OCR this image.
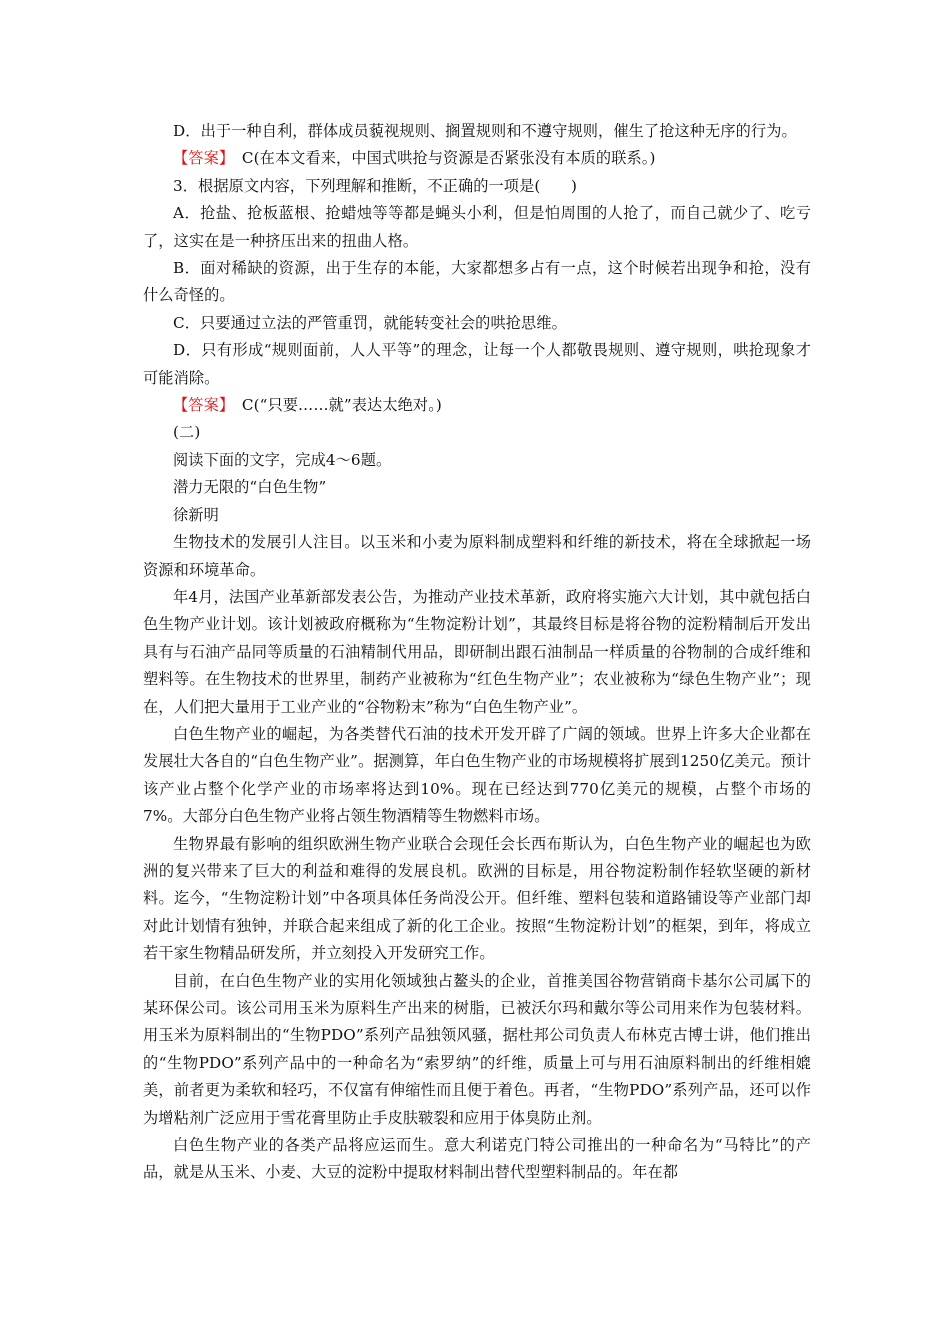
D．出于一种自利，群体成员藐视规则、搁置规则和不遵守规则，催生了抢这种无序的行为。

【答案】　C(在本文看来，中国式哄抢与资源是否紧张没有本质的联系。)

3．根据原文内容，下列理解和推断，不正确的一项是(　　)

A．抢盐、抢板蓝根、抢蜡烛等等都是蝇头小利，但是怕周围的人抢了，而自己就少了、吃亏了，这实在是一种挤压出来的扭曲人格。

B．面对稀缺的资源，出于生存的本能，大家都想多占有一点，这个时候若出现争和抢，没有什么奇怪的。

C．只要通过立法的严管重罚，就能转变社会的哄抢思维。

D．只有形成“规则面前，人人平等”的理念，让每一个人都敬畏规则、遵守规则，哄抢现象才可能消除。

【答案】　C(“只要……就”表达太绝对。)

(二)

阅读下面的文字，完成4～6题。

潜力无限的“白色生物”

徐新明

生物技术的发展引人注目。以玉米和小麦为原料制成塑料和纤维的新技术，将在全球掀起一场资源和环境革命。

年4月，法国产业革新部发表公告，为推动产业技术革新，政府将实施六大计划，其中就包括白色生物产业计划。该计划被政府概称为“生物淀粉计划”，其最终目标是将谷物的淀粉精制后开发出具有与石油产品同等质量的石油精制代用品，即研制出跟石油制品一样质量的谷物制的合成纤维和塑料等。在生物技术的世界里，制药产业被称为“红色生物产业”；农业被称为“绿色生物产业”；现在，人们把大量用于工业产业的“谷物粉末”称为“白色生物产业”。

白色生物产业的崛起，为各类替代石油的技术开发开辟了广阔的领域。世界上许多大企业都在发展壮大各自的“白色生物产业”。据测算，年白色生物产业的市场规模将扩展到1250亿美元。预计该产业占整个化学产业的市场率将达到10%。现在已经达到770亿美元的规模，占整个市场的7%。大部分白色生物产业将占领生物酒精等生物燃料市场。

生物界最有影响的组织欧洲生物产业联合会现任会长西布斯认为，白色生物产业的崛起也为欧洲的复兴带来了巨大的利益和难得的发展良机。欧洲的目标是，用谷物淀粉制作轻软坚硬的新材料。迄今，“生物淀粉计划”中各项具体任务尚没公开。但纤维、塑料包装和道路铺设等产业部门却对此计划情有独钟，并联合起来组成了新的化工企业。按照“生物淀粉计划”的框架，到年，将成立若干家生物精品研发所，并立刻投入开发研究工作。

目前，在白色生物产业的实用化领域独占鳌头的企业，首推美国谷物营销商卡基尔公司属下的某环保公司。该公司用玉米为原料生产出来的树脂，已被沃尔玛和戴尔等公司用来作为包装材料。用玉米为原料制出的“生物PDO”系列产品独领风骚，据杜邦公司负责人布林克古博士讲，他们推出的“生物PDO”系列产品中的一种命名为“索罗纳”的纤维，质量上可与用石油原料制出的纤维相媲美，前者更为柔软和轻巧，不仅富有伸缩性而且便于着色。再者，“生物PDO”系列产品，还可以作为增粘剂广泛应用于雪花膏里防止手皮肤皲裂和应用于体臭防止剂。

白色生物产业的各类产品将应运而生。意大利诺克门特公司推出的一种命名为“马特比”的产品，就是从玉米、小麦、大豆的淀粉中提取材料制出替代型塑料制品的。年在都
